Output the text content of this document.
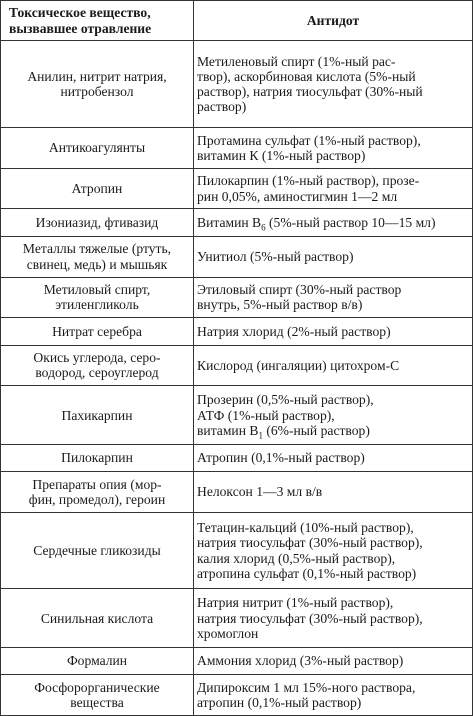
Токсическое вещество,
вызвавшее отравление	Антидот

Анилин, нитрит натрия,
нитробензол	Метиленовый спирт (1%-ный рас-
твор), аскорбиновая кислота (5%-ный
раствор), натрия тиосульфат (30%-ный
раствор)

Антикоагулянты	Протамина сульфат (1%-ный раствор),
витамин К (1%-ный раствор)

Атропин	Пилокарпин (1%-ный раствор), прозе-
рин 0,05%, аминостигмин 1—2 мл

Изониазид, фтивазид	Витамин $В_6$ (5%-ный раствор 10—15 мл)

Металлы тяжелые (ртуть,
свинец, медь) и мышьяк	Унитиол (5%-ный раствор)

Метиловый спирт,
этиленгликоль	Этиловый спирт (30%-ный раствор
внутрь, 5%-ный раствор в/в)

Нитрат серебра	Натрия хлорид (2%-ный раствор)

Окись углерода, серо-
водород, сероуглерод	Кислород (ингаляции) цитохром-С

Пахикарпин	Прозерин (0,5%-ный раствор),
АТФ (1%-ный раствор),
витамин $В_1$ (6%-ный раствор)

Пилокарпин	Атропин (0,1%-ный раствор)

Препараты опия (мор-
фин, промедол), героин	Нелоксон 1—3 мл в/в

Сердечные гликозиды	Тетацин-кальций (10%-ный раствор),
натрия тиосульфат (30%-ный раствор),
калия хлорид (0,5%-ный раствор),
атропина сульфат (0,1%-ный раствор)

Синильная кислота	Натрия нитрит (1%-ный раствор),
натрия тиосульфат (30%-ный раствор),
хромоглон

Формалин	Аммония хлорид (3%-ный раствор)

Фосфорорганические
вещества	Дипироксим 1 мл 15%-ного раствора,
атропин (0,1%-ный раствор)
